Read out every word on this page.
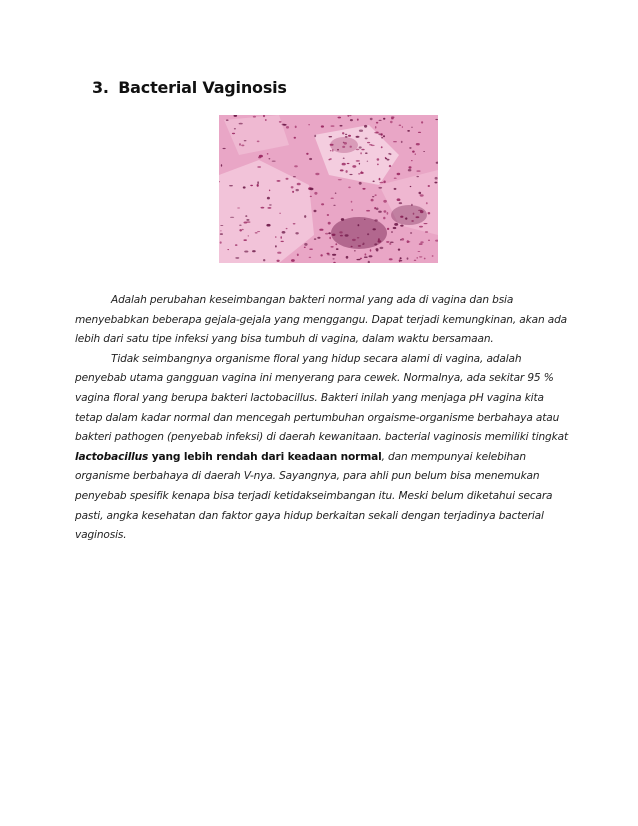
3. Bacterial Vaginosis

Adalah perubahan keseimbangan bakteri normal yang ada di vagina dan bsia menyebabkan beberapa gejala-gejala yang menggangu. Dapat terjadi kemungkinan, akan ada lebih dari satu tipe infeksi yang bisa tumbuh di vagina, dalam waktu bersamaan.

Tidak seimbangnya organisme floral yang hidup secara alami di vagina, adalah penyebab utama gangguan vagina ini menyerang para cewek. Normalnya, ada sekitar 95 % vagina floral yang berupa bakteri lactobacillus. Bakteri inilah yang menjaga pH vagina kita tetap dalam kadar normal dan mencegah pertumbuhan orgaisme-organisme berbahaya atau bakteri pathogen (penyebab infeksi) di daerah kewanitaan. bacterial vaginosis memiliki tingkat lactobacillus yang lebih rendah dari keadaan normal, dan mempunyai kelebihan organisme berbahaya di daerah V-nya. Sayangnya, para ahli pun belum bisa menemukan penyebab spesifik kenapa bisa terjadi ketidakseimbangan itu. Meski belum diketahui secara pasti, angka kesehatan dan faktor gaya hidup berkaitan sekali dengan terjadinya bacterial vaginosis.
